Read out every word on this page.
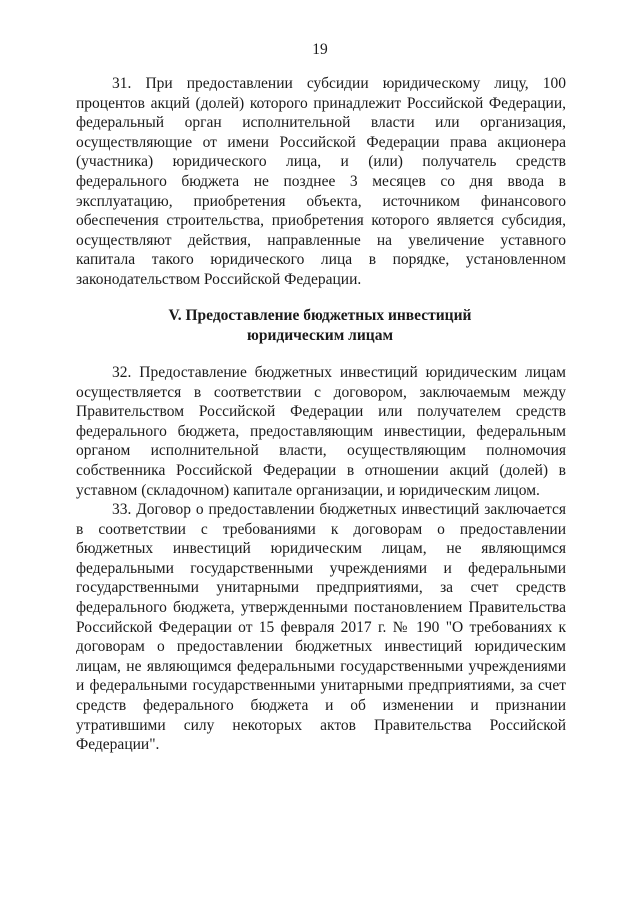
19

31. При предоставлении субсидии юридическому лицу, 100 процентов акций (долей) которого принадлежит Российской Федерации, федеральный орган исполнительной власти или организация, осуществляющие от имени Российской Федерации права акционера (участника) юридического лица, и (или) получатель средств федерального бюджета не позднее 3 месяцев со дня ввода в эксплуатацию, приобретения объекта, источником финансового обеспечения строительства, приобретения которого является субсидия, осуществляют действия, направленные на увеличение уставного капитала такого юридического лица в порядке, установленном законодательством Российской Федерации.

V. Предоставление бюджетных инвестиций
юридическим лицам

32. Предоставление бюджетных инвестиций юридическим лицам осуществляется в соответствии с договором, заключаемым между Правительством Российской Федерации или получателем средств федерального бюджета, предоставляющим инвестиции, федеральным органом исполнительной власти, осуществляющим полномочия собственника Российской Федерации в отношении акций (долей) в уставном (складочном) капитале организации, и юридическим лицом.

33. Договор о предоставлении бюджетных инвестиций заключается в соответствии с требованиями к договорам о предоставлении бюджетных инвестиций юридическим лицам, не являющимся федеральными государственными учреждениями и федеральными государственными унитарными предприятиями, за счет средств федерального бюджета, утвержденными постановлением Правительства Российской Федерации от 15 февраля 2017 г. № 190 "О требованиях к договорам о предоставлении бюджетных инвестиций юридическим лицам, не являющимся федеральными государственными учреждениями и федеральными государственными унитарными предприятиями, за счет средств федерального бюджета и об изменении и признании утратившими силу некоторых актов Правительства Российской Федерации".
